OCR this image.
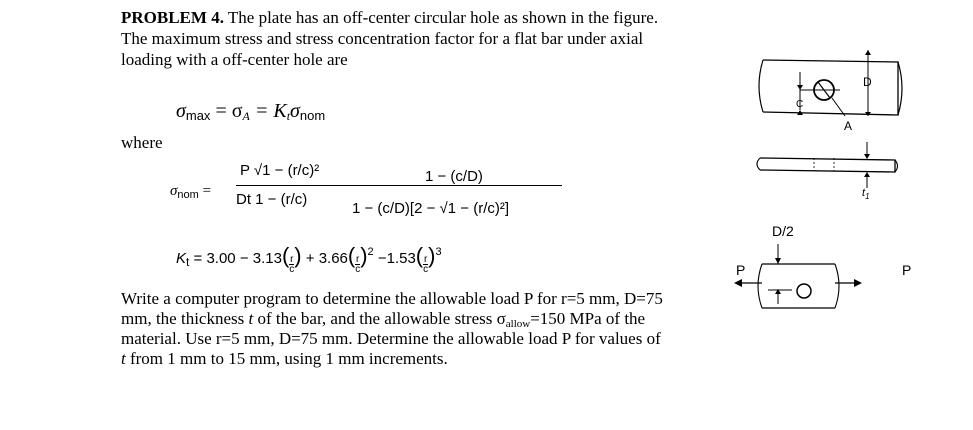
PROBLEM 4. The plate has an off-center circular hole as shown in the figure.
The maximum stress and stress concentration factor for a flat bar under axial
loading with a off-center hole are
$\sigma_{max} = \sigma_A = K_t\sigma_{nom}$
where
$\sigma_{nom}$ =
P √1 − (r/c)²
Dt 1 − (r/c)
1 − (c/D)
1 − (c/D)[2 − √1 − (r/c)²]
$K_t = 3.00 - 3.13( \frac{r}{c}$ ) + $3.66( \frac{r}{c} )^2 -1.53( \frac{r}{c} )^3$
Write a computer program to determine the allowable load P for r=5 mm, D=75
mm, the thickness t of the bar, and the allowable stress σallow=150 MPa of the
material. Use r=5 mm, D=75 mm. Determine the allowable load P for values of
t from 1 mm to 15 mm, using 1 mm increments.
C
D
A
$t_1$
D/2
P	P
